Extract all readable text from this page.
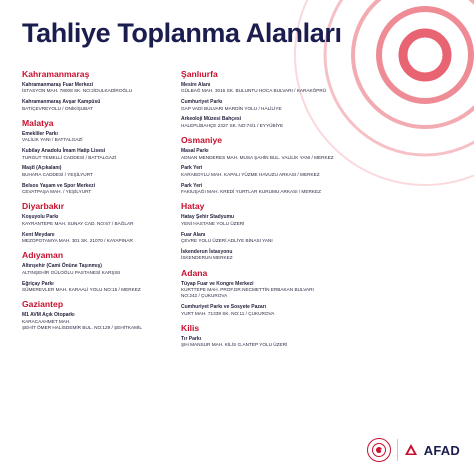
Tahliye Toplanma Alanları
Kahramanmaraş
Kahramanmaraş Fuar Merkezi
İSTASYON MAH. 78008 SK. NO:2/DULKADİROĞLU
Kahramanmaraş Avşar Kampüsü
BATIÇEVREYOLU / ONİKİŞUBAT
Malatya
Emekliler Parkı
VALİLİK YANI / BATTALGAZİ
Kubilay Anadolu İmam Hatip Lisesi
TURGUT TEMELLİ CADDESİ / BATTALGAZİ
Maştî (Açıkalanı)
BUHARA CADDESİ / YEŞİLYURT
Belsos Yaşam ve Spor Merkezi
CEVATPAŞA MAH. / YEŞİLYURT
Diyarbakır
Koşuyolu Parkı
KAYRANTEPE MAH. SUNAY CAD. NO:67 / BAĞLAR
Kent Meydanı
MEZOPOTAMYA MAH. 301 SK. 21070 / KAYAPINAR
Adıyaman
Altınşehir (Cami Önüne Taşınmış)
ALTINŞEHİR GÜLOĞLU PASTANESİ KARŞISI
Eğriçay Parkı
SÜMEREVLER MAH. KARAALİ YOLU NO:15 / MERKEZ
Gaziantep
M1 AVM Açık Otoparkı
KARACAAHMET MAH.
ŞEHİT ÖMER HALİSDEMİR BUL. NO:129 / ŞEHİTKAMİL
Şanlıurfa
Mesire Alanı
GÜLBAĞ MAH. 3016 SK. BULUNTU HOCA BULVARI / KARAKÖPRÜ
Cumhuriyet Parkı
GAP VADİ BULVARI MARDİN YOLU / HALİLİYE
Arkeoloji Müzesi Bahçesi
HALEPLİBAHÇE 2327 SK. NO:74/1 / EYYÜBİYE
Osmaniye
Masal Parkı
ADNAN MENDERES MAH. MUSA ŞAHİN BUL. VALİLİK YANI / MERKEZ
Park Yeri
KARABOYLU MAH. KAPALI YÜZME HAVUZU ARKASI / MERKEZ
Park Yeri
FAKIUŞAĞI MAH. KREDİ YURTLAR KURUMU ARKASI / MERKEZ
Hatay
Hatay Şehir Stadyumu
YENİ HASTANE YOLU ÜZERİ
Fuar Alanı
ÇEVRE YOLU ÜZERİ ADLİYE BİNASI YANI
İskenderun İstasyonu
İSKENDERUN MERKEZ
Adana
Tüyap Fuar ve Kongre Merkezi
KURTTEPE MAH. PROF.DR.NECMETTİN ERBAKAN BULVARI
NO:242 / ÇUKUROVA
Cumhuriyet Parkı ve Sosyete Pazarı
YURT MAH. 71339 SK. NO:11 / ÇUKUROVA
Kilis
Tır Parkı
ŞIH MANSUR MAH. KİLİS G.ANTEP YOLU ÜZERİ
AFAD
